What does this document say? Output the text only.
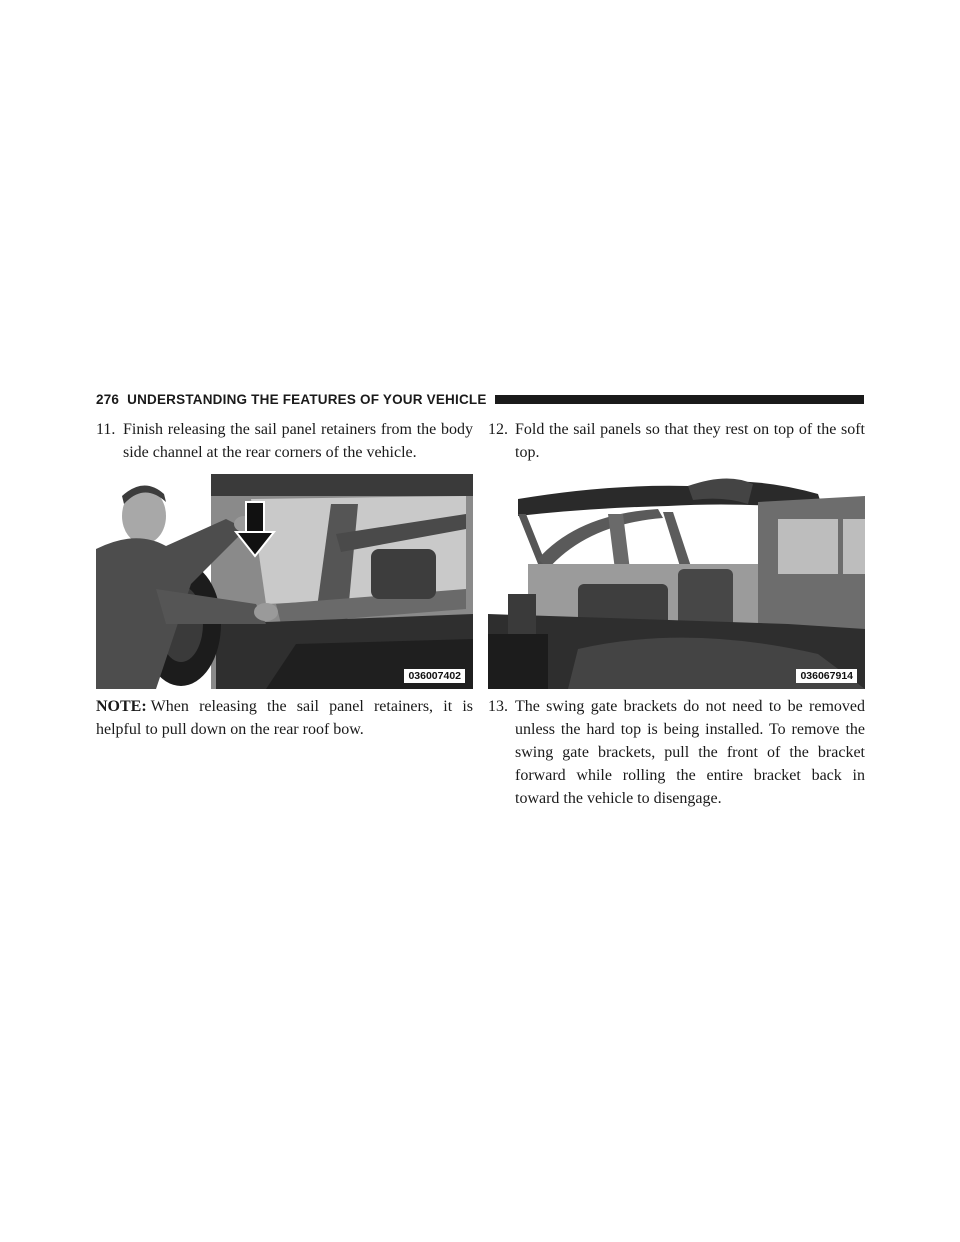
276 UNDERSTANDING THE FEATURES OF YOUR VEHICLE
11. Finish releasing the sail panel retainers from the body side channel at the rear corners of the vehicle.
036007402
NOTE: When releasing the sail panel retainers, it is helpful to pull down on the rear roof bow.
12. Fold the sail panels so that they rest on top of the soft top.
036067914
13. The swing gate brackets do not need to be removed unless the hard top is being installed. To remove the swing gate brackets, pull the front of the bracket forward while rolling the entire bracket back in toward the vehicle to disengage.
